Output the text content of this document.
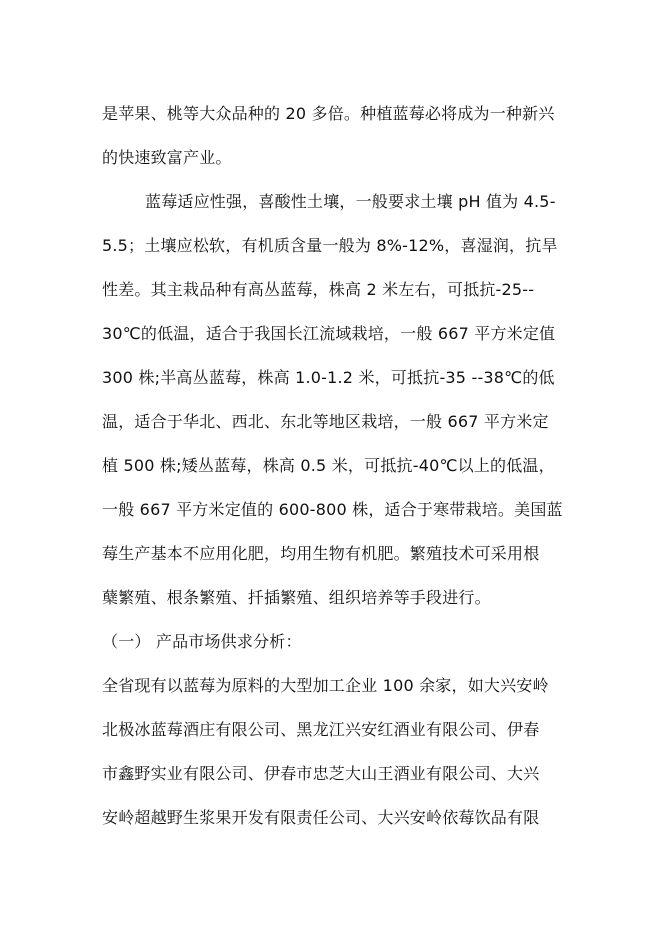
是苹果、桃等大众品种的 20 多倍。种植蓝莓必将成为一种新兴
的快速致富产业。
蓝莓适应性强，喜酸性土壤，一般要求土壤 pH 值为 4.5-
5.5；土壤应松软，有机质含量一般为 8%-12%，喜湿润，抗旱
性差。其主栽品种有高丛蓝莓，株高 2 米左右，可抵抗-25--
30℃的低温，适合于我国长江流域栽培，一般 667 平方米定值
300 株;半高丛蓝莓，株高 1.0-1.2 米，可抵抗-35 --38℃的低
温，适合于华北、西北、东北等地区栽培，一般 667 平方米定
植 500 株;矮丛蓝莓，株高 0.5 米，可抵抗-40℃以上的低温，
一般 667 平方米定值的 600-800 株，适合于寒带栽培。美国蓝
莓生产基本不应用化肥，均用生物有机肥。繁殖技术可采用根
蘖繁殖、根条繁殖、扦插繁殖、组织培养等手段进行。
（一） 产品市场供求分析：
全省现有以蓝莓为原料的大型加工企业 100 余家，如大兴安岭
北极冰蓝莓酒庄有限公司、黑龙江兴安红酒业有限公司、伊春
市鑫野实业有限公司、伊春市忠芝大山王酒业有限公司、大兴
安岭超越野生浆果开发有限责任公司、大兴安岭依莓饮品有限
